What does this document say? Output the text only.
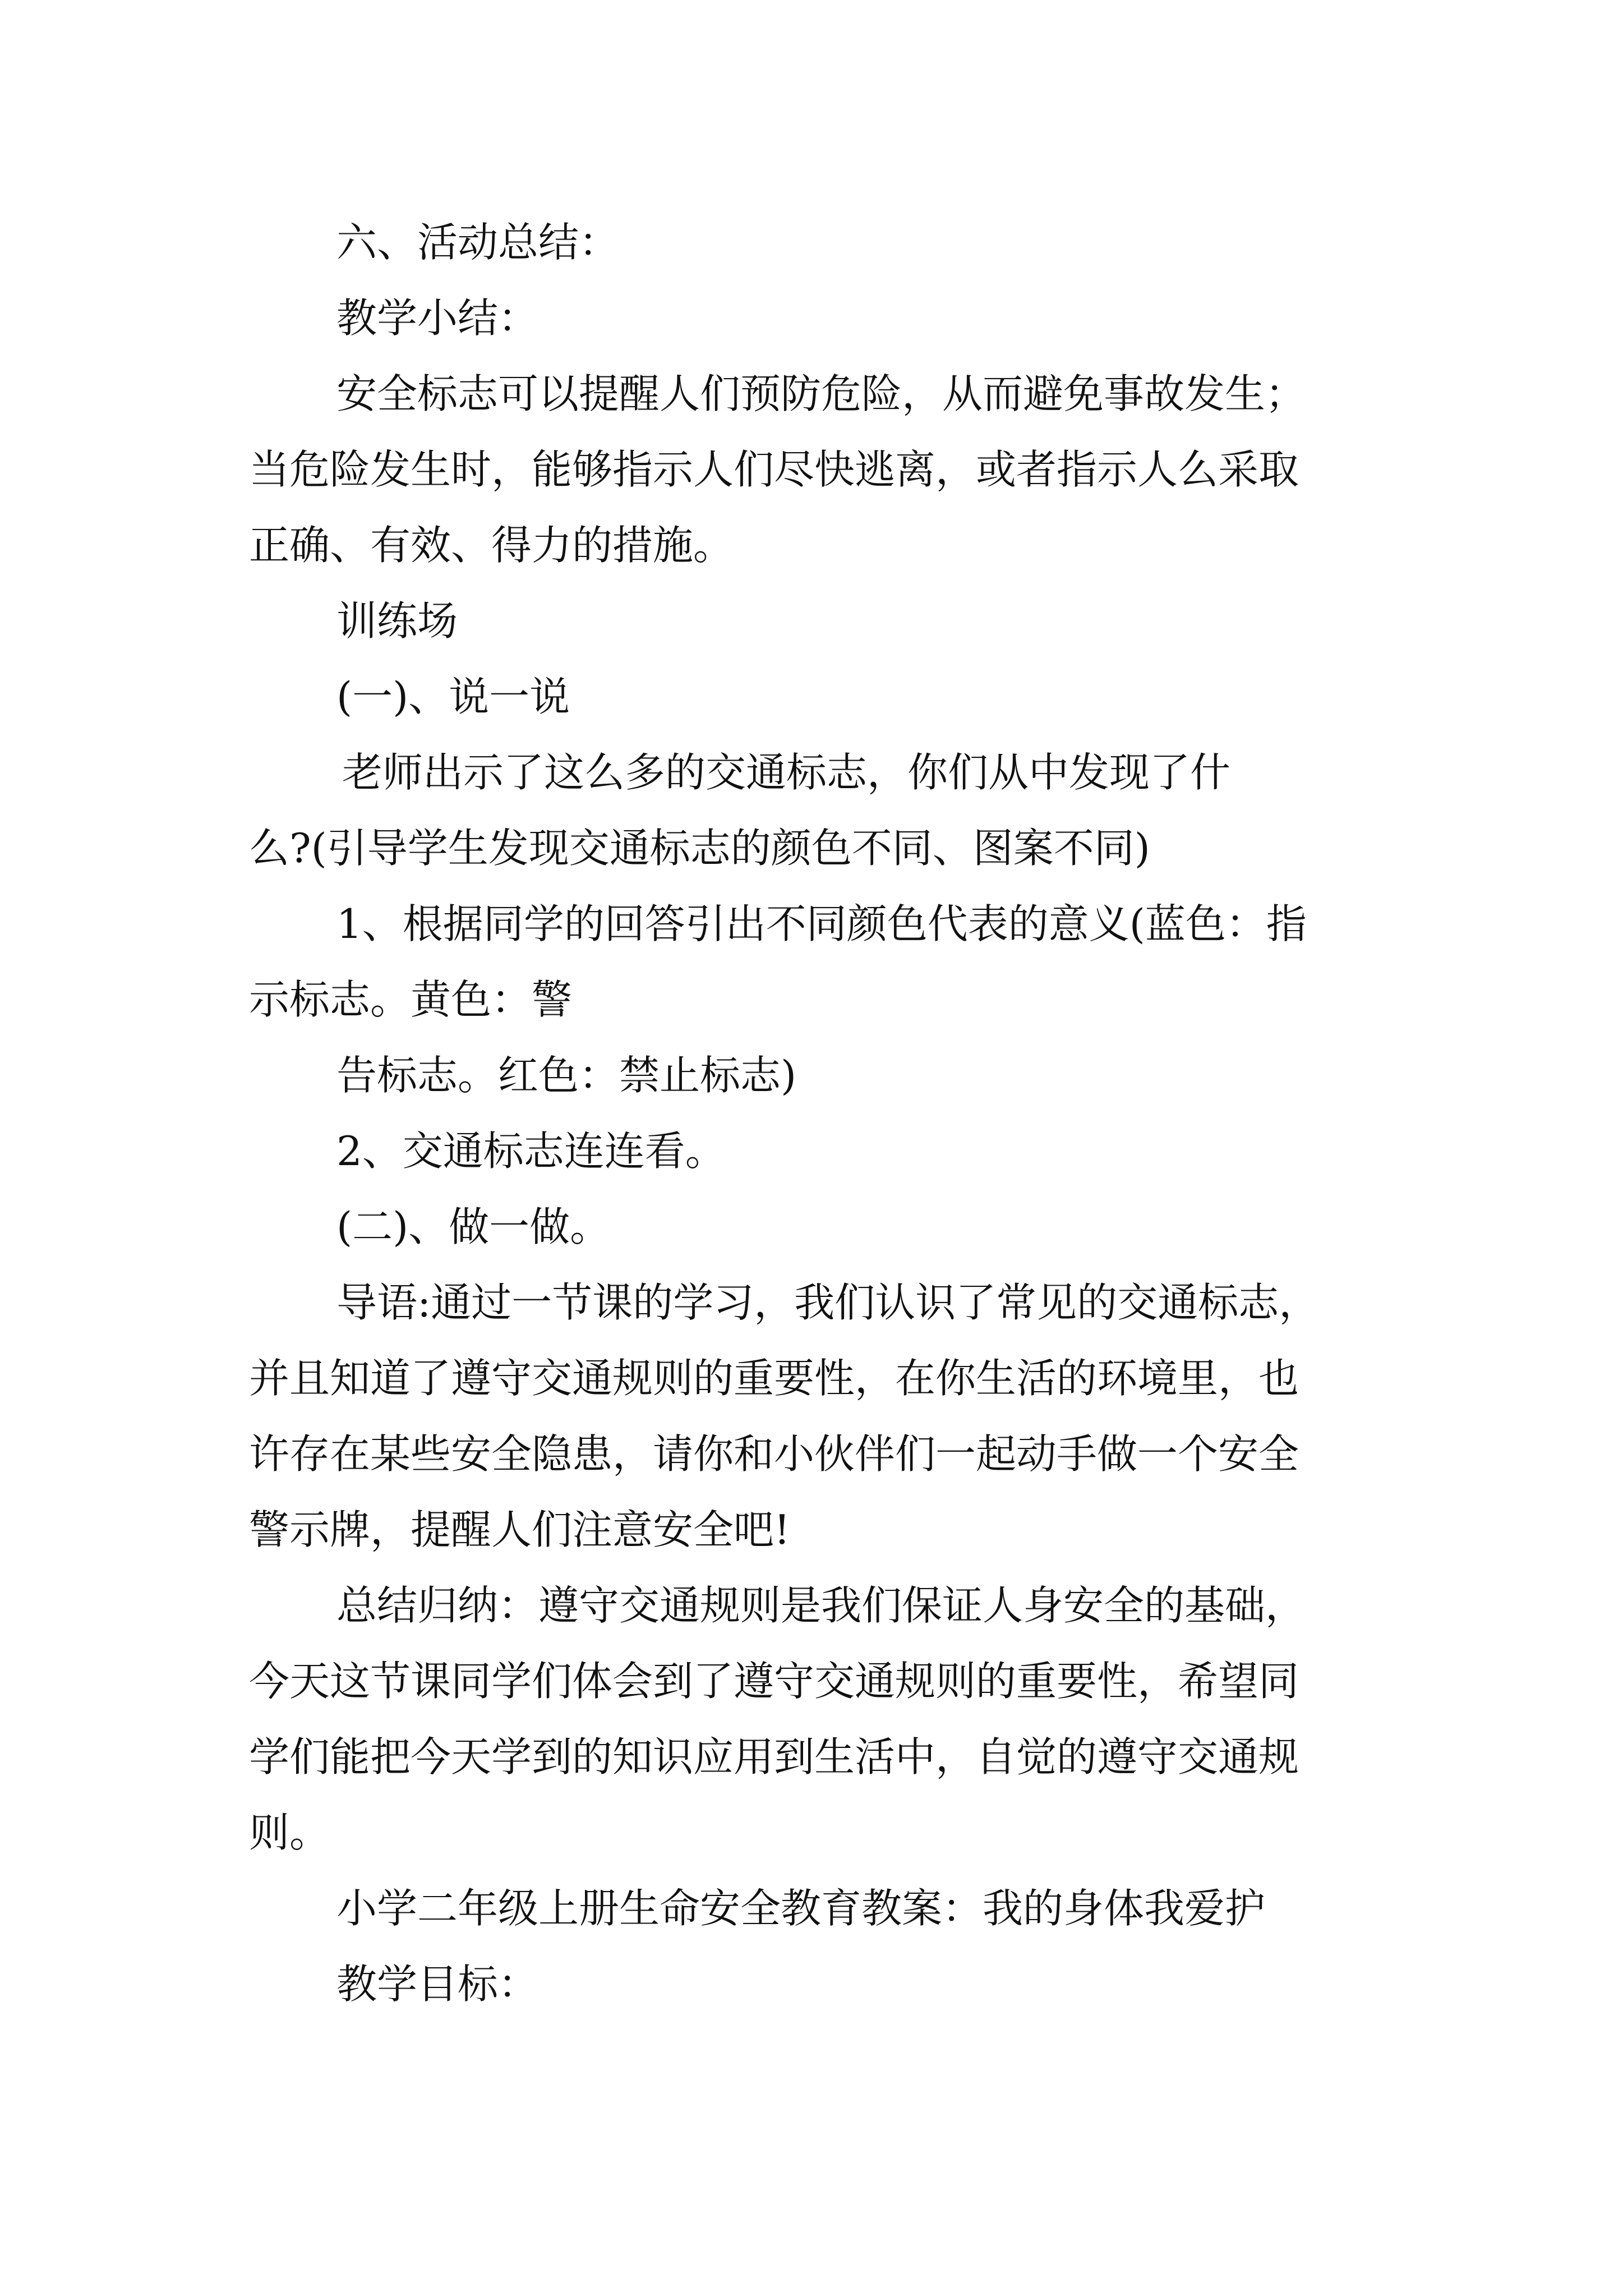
六、活动总结：
教学小结：
安全标志可以提醒人们预防危险，从而避免事故发生；
当危险发生时，能够指示人们尽快逃离，或者指示人么采取
正确、有效、得力的措施。
训练场
(一)、说一说
老师出示了这么多的交通标志，你们从中发现了什
么?(引导学生发现交通标志的颜色不同、图案不同)
1、根据同学的回答引出不同颜色代表的意义(蓝色：指
示标志。黄色：警
告标志。红色：禁止标志)
2、交通标志连连看。
(二)、做一做。
导语:通过一节课的学习，我们认识了常见的交通标志，
并且知道了遵守交通规则的重要性，在你生活的环境里，也
许存在某些安全隐患，请你和小伙伴们一起动手做一个安全
警示牌，提醒人们注意安全吧!
总结归纳：遵守交通规则是我们保证人身安全的基础，
今天这节课同学们体会到了遵守交通规则的重要性，希望同
学们能把今天学到的知识应用到生活中，自觉的遵守交通规
则。
小学二年级上册生命安全教育教案：我的身体我爱护
教学目标：
